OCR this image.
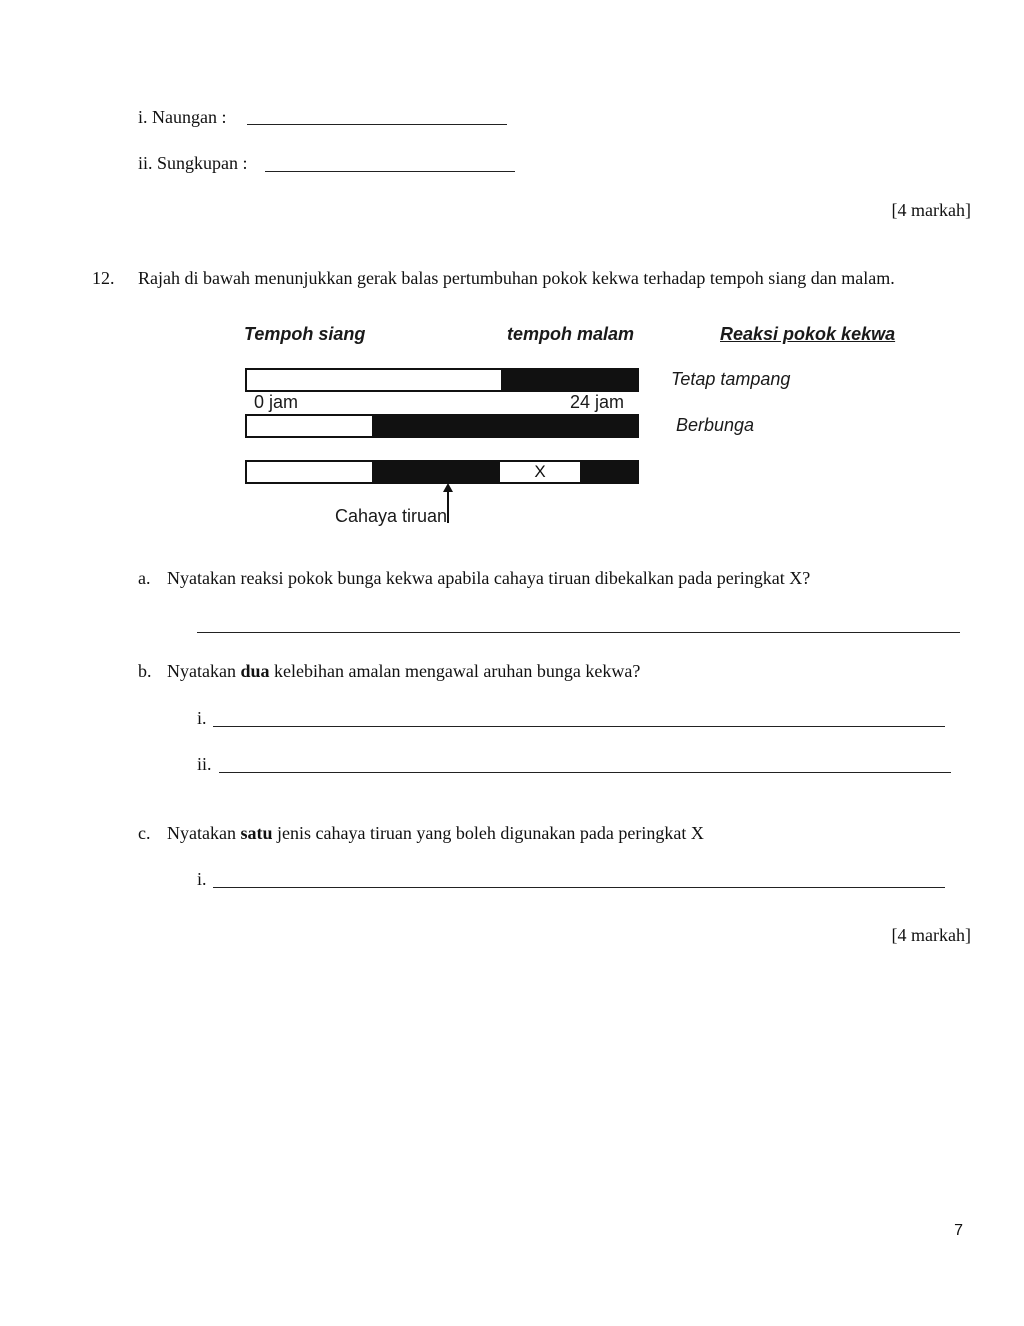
i. Naungan :
ii. Sungkupan :
[4 markah]
12. Rajah di bawah menunjukkan gerak balas pertumbuhan pokok kekwa terhadap tempoh siang dan malam.
Tempoh siang	tempoh malam	Reaksi pokok kekwa
Tetap tampang
0 jam	24 jam
Berbunga
X
Cahaya tiruan
a. Nyatakan reaksi pokok bunga kekwa apabila cahaya tiruan dibekalkan pada peringkat X?
b. Nyatakan dua kelebihan amalan mengawal aruhan bunga kekwa?
i.
ii.
c. Nyatakan satu jenis cahaya tiruan yang boleh digunakan pada peringkat X
i.
[4 markah]
7
